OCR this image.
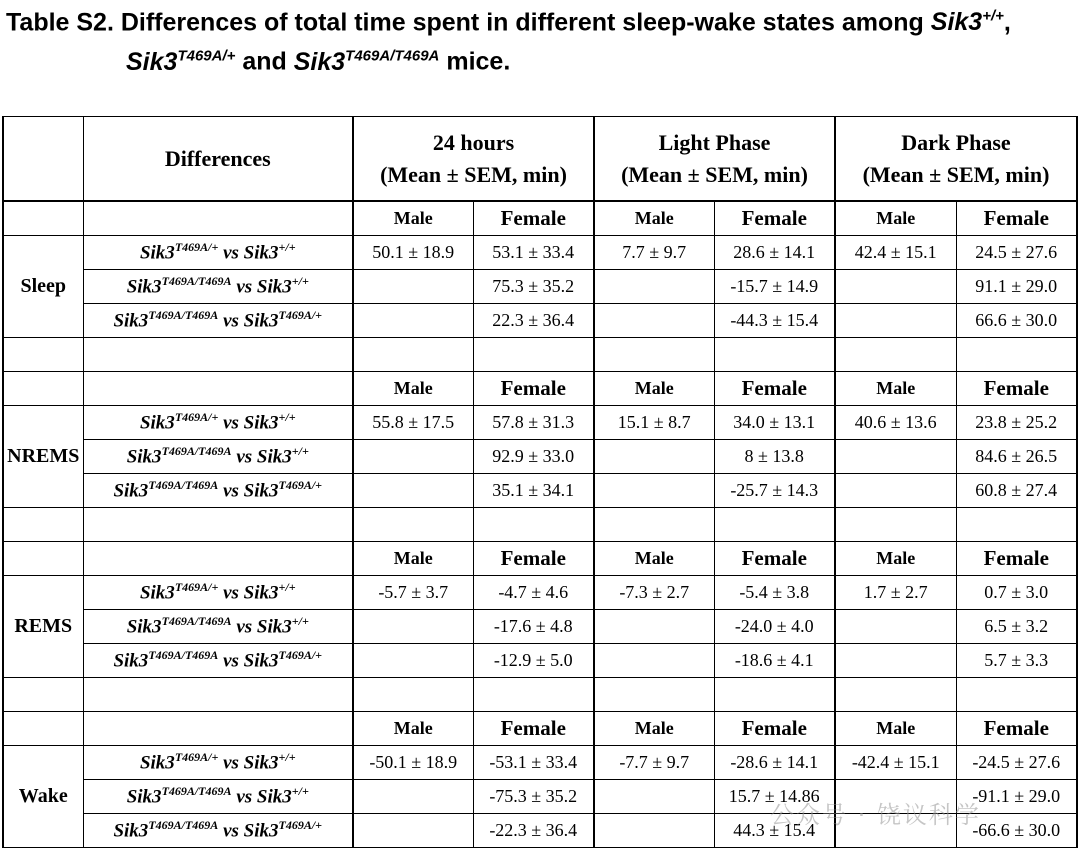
Table S2. Differences of total time spent in different sleep-wake states among Sik3+/+,
$Sik3^{T469A/+}$ and $Sik3^{T469A/T469A}$ mice.
	Differences	24 hours
(Mean ± SEM, min)		Light Phase
(Mean ± SEM, min)		Dark Phase
(Mean ± SEM, min)	
		Male	Female	Male	Female	Male	Female
Sleep	$Sik3^{T469A/+}$ vs Sik3+/+	50.1 ± 18.9	53.1 ± 33.4	7.7 ± 9.7	28.6 ± 14.1	42.4 ± 15.1	24.5 ± 27.6
	$Sik3^{T469A/T469A}$ vs Sik3+/+		75.3 ± 35.2		-15.7 ± 14.9		91.1 ± 29.0
	$Sik3^{T469A/T469A}$ vs $Sik3^{T469A/+}$		22.3 ± 36.4		-44.3 ± 15.4		66.6 ± 30.0

		Male	Female	Male	Female	Male	Female
NREMS	$Sik3^{T469A/+}$ vs Sik3+/+	55.8 ± 17.5	57.8 ± 31.3	15.1 ± 8.7	34.0 ± 13.1	40.6 ± 13.6	23.8 ± 25.2
	$Sik3^{T469A/T469A}$ vs Sik3+/+		92.9 ± 33.0		8 ± 13.8		84.6 ± 26.5
	$Sik3^{T469A/T469A}$ vs $Sik3^{T469A/+}$		35.1 ± 34.1		-25.7 ± 14.3		60.8 ± 27.4

		Male	Female	Male	Female	Male	Female
REMS	$Sik3^{T469A/+}$ vs Sik3+/+	-5.7 ± 3.7	-4.7 ± 4.6	-7.3 ± 2.7	-5.4 ± 3.8	1.7 ± 2.7	0.7 ± 3.0
	$Sik3^{T469A/T469A}$ vs Sik3+/+		-17.6 ± 4.8		-24.0 ± 4.0		6.5 ± 3.2
	$Sik3^{T469A/T469A}$ vs $Sik3^{T469A/+}$		-12.9 ± 5.0		-18.6 ± 4.1		5.7 ± 3.3

		Male	Female	Male	Female	Male	Female
Wake	$Sik3^{T469A/+}$ vs Sik3+/+	-50.1 ± 18.9	-53.1 ± 33.4	-7.7 ± 9.7	-28.6 ± 14.1	-42.4 ± 15.1	-24.5 ± 27.6
	$Sik3^{T469A/T469A}$ vs Sik3+/+		-75.3 ± 35.2		15.7 ± 14.86		-91.1 ± 29.0
	$Sik3^{T469A/T469A}$ vs $Sik3^{T469A/+}$		-22.3 ± 36.4		44.3 ± 15.4		-66.6 ± 30.0
公众号 · 饶议科学
